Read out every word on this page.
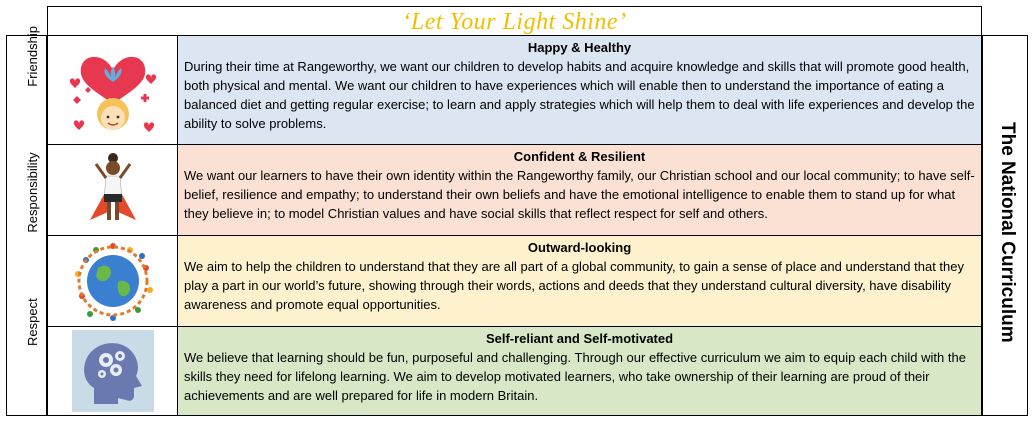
‘Let Your Light Shine’
Respect
Responsibility
Friendship
The National Curriculum
Happy & Healthy
During their time at Rangeworthy, we want our children to develop habits and acquire knowledge and skills that will promote good health, both physical and mental. We want our children to have experiences which will enable then to understand the importance of eating a balanced diet and getting regular exercise; to learn and apply strategies which will help them to deal with life experiences and develop the ability to solve problems.
Confident & Resilient
We want our learners to have their own identity within the Rangeworthy family, our Christian school and our local community; to have self-belief, resilience and empathy; to understand their own beliefs and have the emotional intelligence to enable them to stand up for what they believe in; to model Christian values and have social skills that reflect respect for self and others.
Outward-looking
We aim to help the children to understand that they are all part of a global community, to gain a sense of place and understand that they play a part in our world’s future, showing through their words, actions and deeds that they understand cultural diversity, have disability awareness and promote equal opportunities.
Self-reliant and Self-motivated
We believe that learning should be fun, purposeful and challenging. Through our effective curriculum we aim to equip each child with the skills they need for lifelong learning. We aim to develop motivated learners, who take ownership of their learning are proud of their achievements and are well prepared for life in modern Britain.
